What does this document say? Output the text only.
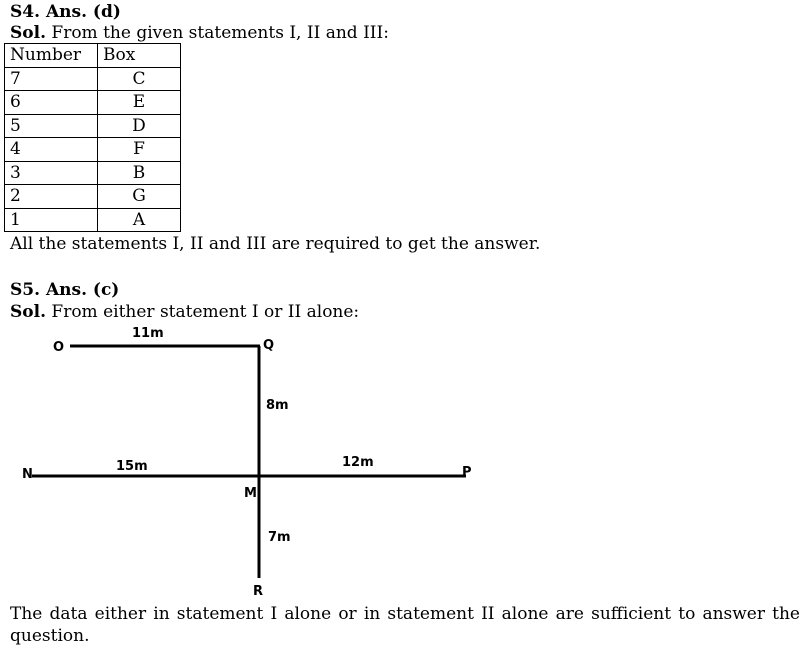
S4. Ans. (d)
Sol. From the given statements I, II and III:
Number	Box
7	C
6	E
5	D
4	F
3	B
2	G
1	A
All the statements I, II and III are required to get the answer.
S5. Ans. (c)
Sol. From either statement I or II alone:
O	Q
N
M
P
R
11m
8m
15m	12m
7m
The data either in statement I alone or in statement II alone are sufficient to answer the question.
